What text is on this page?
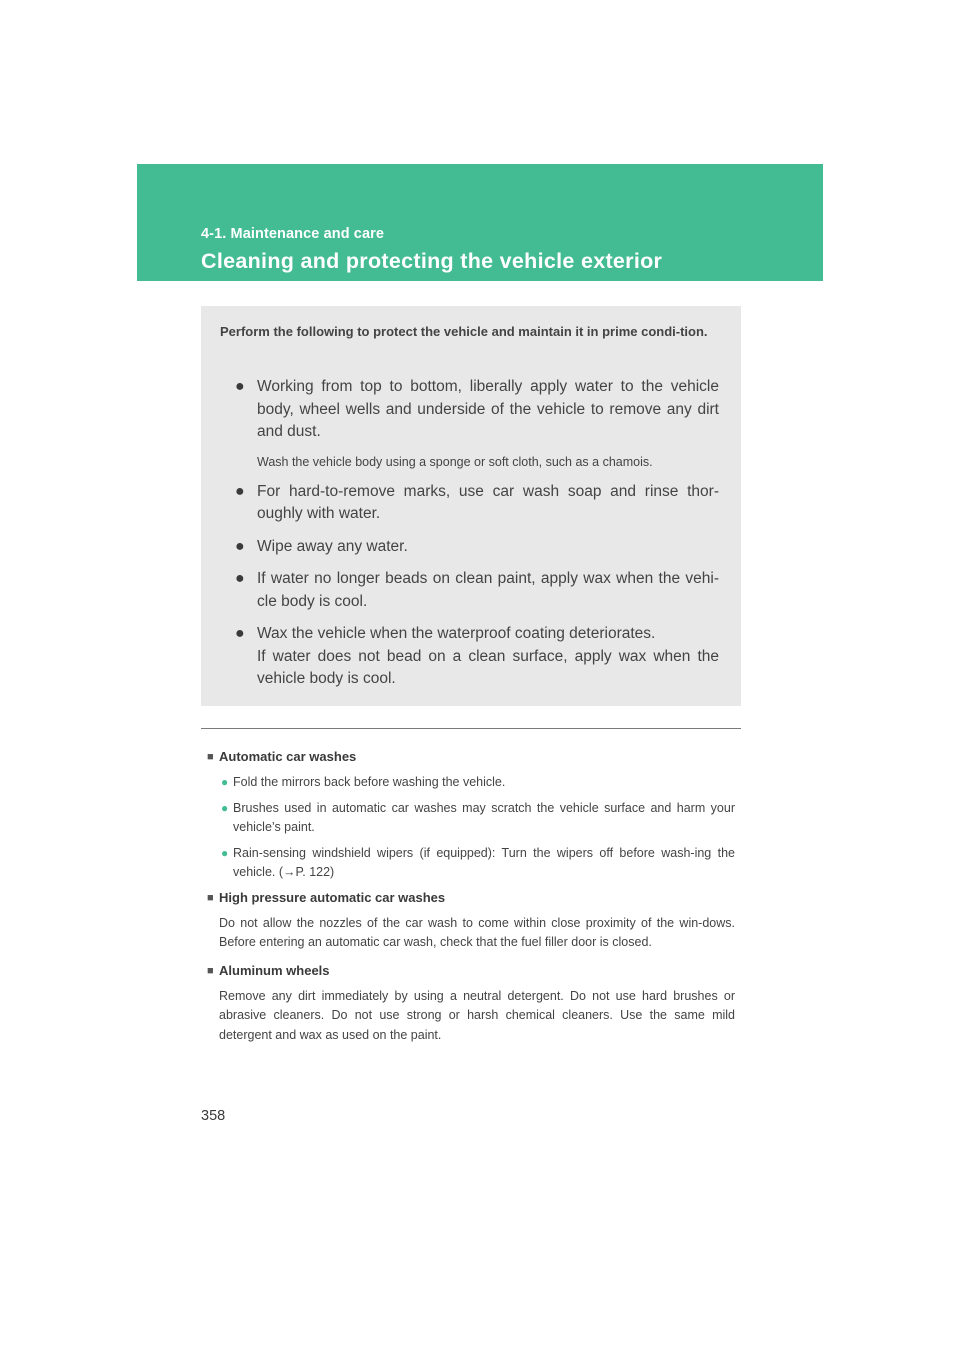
4-1. Maintenance and care
Cleaning and protecting the vehicle exterior
Perform the following to protect the vehicle and maintain it in prime condi-tion.
● Working from top to bottom, liberally apply water to the vehicle body, wheel wells and underside of the vehicle to remove any dirt and dust.
Wash the vehicle body using a sponge or soft cloth, such as a chamois.
● For hard-to-remove marks, use car wash soap and rinse thor-oughly with water.
● Wipe away any water.
● If water no longer beads on clean paint, apply wax when the vehi-cle body is cool.
● Wax the vehicle when the waterproof coating deteriorates.
If water does not bead on a clean surface, apply wax when the vehicle body is cool.
■ Automatic car washes
● Fold the mirrors back before washing the vehicle.
● Brushes used in automatic car washes may scratch the vehicle surface and harm your vehicle’s paint.
● Rain-sensing windshield wipers (if equipped): Turn the wipers off before wash-ing the vehicle. (→P. 122)
■ High pressure automatic car washes
Do not allow the nozzles of the car wash to come within close proximity of the win-dows. Before entering an automatic car wash, check that the fuel filler door is closed.
■ Aluminum wheels
Remove any dirt immediately by using a neutral detergent. Do not use hard brushes or abrasive cleaners. Do not use strong or harsh chemical cleaners. Use the same mild detergent and wax as used on the paint.
358
